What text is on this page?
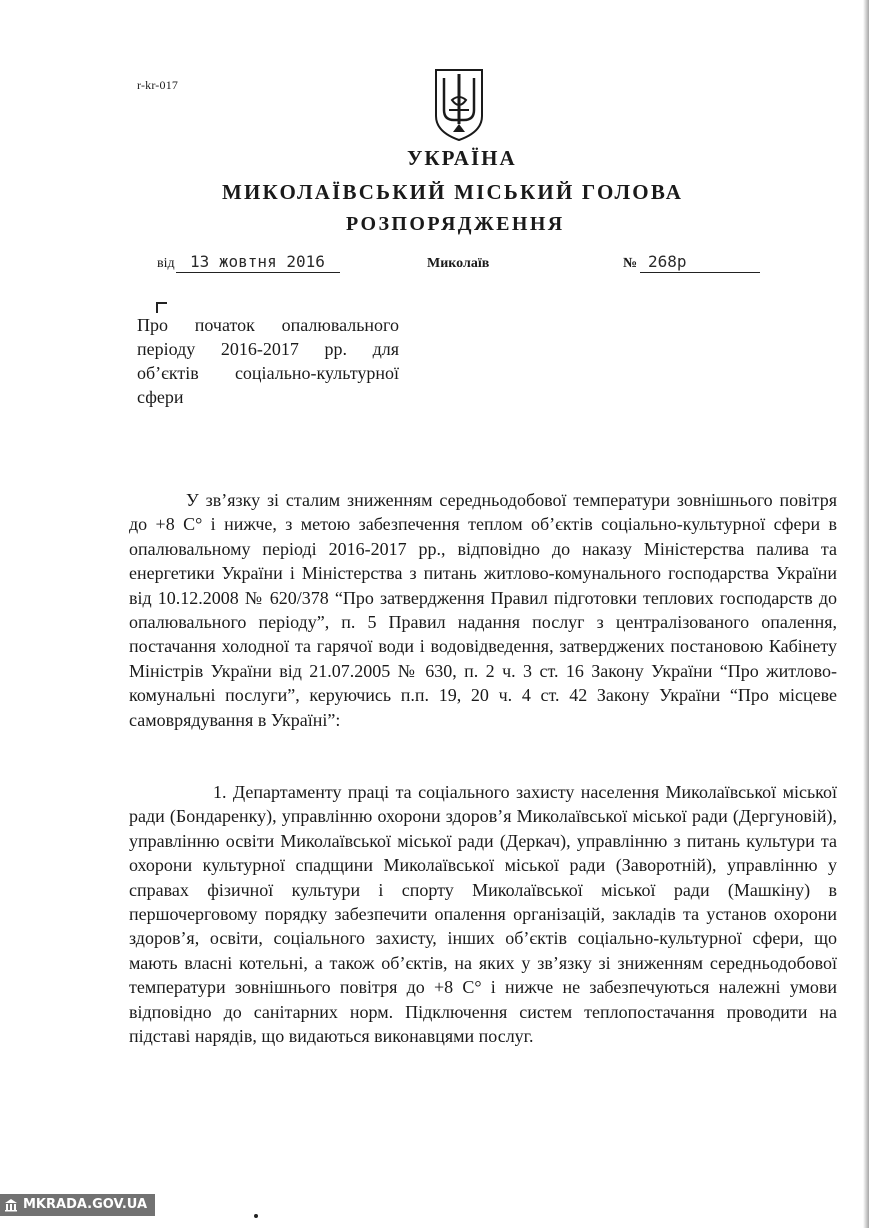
r-kr-017
УКРАЇНА
МИКОЛАЇВСЬКИЙ МІСЬКИЙ ГОЛОВА
РОЗПОРЯДЖЕННЯ
від 13 жовтня 2016	Миколаїв	№ 268р

Про початок опалювального
періоду 2016-2017 рр. для
об’єктів соціально-культурної
сфери

У зв’язку зі сталим зниженням середньодобової температури зовнішнього повітря до +8 С° і нижче, з метою забезпечення теплом об’єктів соціально-культурної сфери в опалювальному періоді 2016-2017 рр., відповідно до наказу Міністерства палива та енергетики України і Міністерства з питань житлово-комунального господарства України від 10.12.2008 № 620/378 “Про затвердження Правил підготовки теплових господарств до опалювального періоду”, п. 5 Правил надання послуг з централізованого опалення, постачання холодної та гарячої води і водовідведення, затверджених постановою Кабінету Міністрів України від 21.07.2005 № 630, п. 2 ч. 3 ст. 16 Закону України “Про житлово-комунальні послуги”, керуючись п.п. 19, 20 ч. 4 ст. 42 Закону України “Про місцеве самоврядування в Україні”:

1. Департаменту праці та соціального захисту населення Миколаївської міської ради (Бондаренку), управлінню охорони здоров’я Миколаївської міської ради (Дергуновій), управлінню освіти Миколаївської міської ради (Деркач), управлінню з питань культури та охорони культурної спадщини Миколаївської міської ради (Заворотній), управлінню у справах фізичної культури і спорту Миколаївської міської ради (Машкіну) в першочерговому порядку забезпечити опалення організацій, закладів та установ охорони здоров’я, освіти, соціального захисту, інших об’єктів соціально-культурної сфери, що мають власні котельні, а також об’єктів, на яких у зв’язку зі зниженням середньодобової температури зовнішнього повітря до +8 С° і нижче не забезпечуються належні умови відповідно до санітарних норм. Підключення систем теплопостачання проводити на підставі нарядів, що видаються виконавцями послуг.

MKRADA.GOV.UA
